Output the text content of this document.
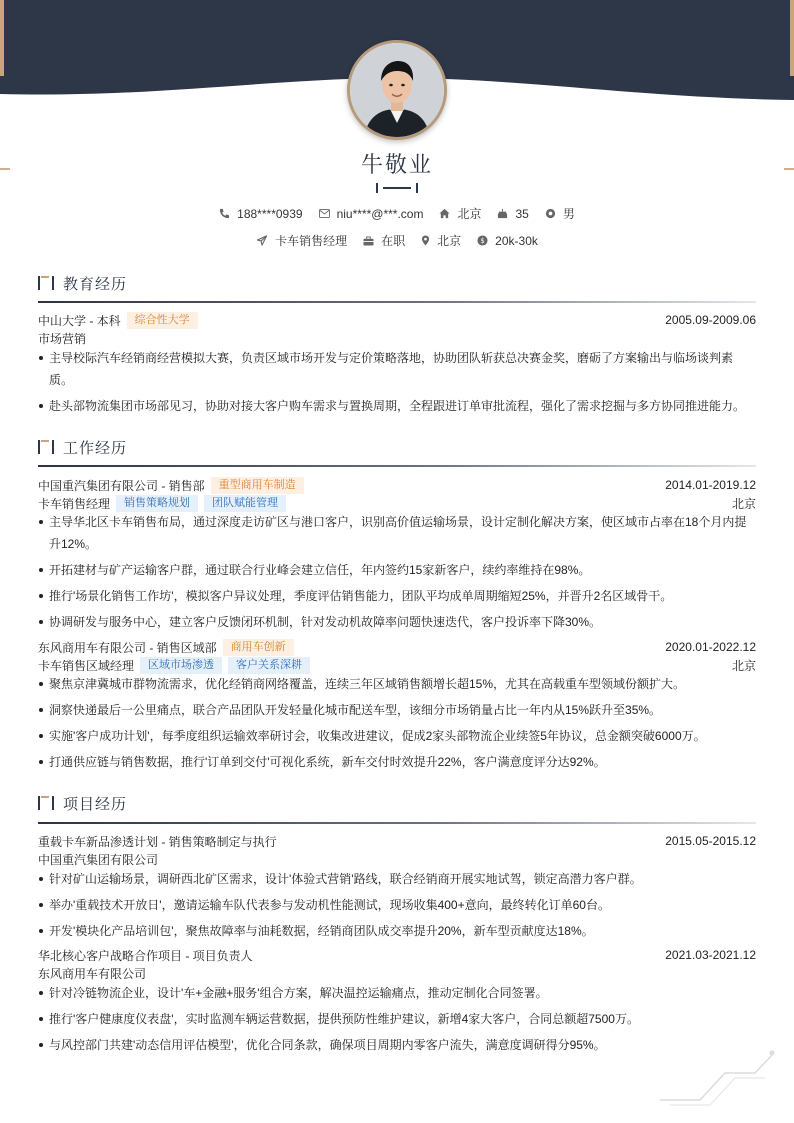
牛敬业
188****0939	niu****@***.com	北京	35	男
卡车销售经理	在职	北京	$ 20k-30k
教育经历
中山大学 - 本科	综合性大学	2005.09-2009.06
市场营销
主导校际汽车经销商经营模拟大赛，负责区域市场开发与定价策略落地，协助团队斩获总决赛金奖，磨砺了方案输出与临场谈判素质。
赴头部物流集团市场部见习，协助对接大客户购车需求与置换周期，全程跟进订单审批流程，强化了需求挖掘与多方协同推进能力。
工作经历
中国重汽集团有限公司 - 销售部	重型商用车制造	2014.01-2019.12
卡车销售经理	销售策略规划	团队赋能管理	北京
主导华北区卡车销售布局，通过深度走访矿区与港口客户，识别高价值运输场景，设计定制化解决方案，使区域市占率在18个月内提升12%。
开拓建材与矿产运输客户群，通过联合行业峰会建立信任，年内签约15家新客户，续约率维持在98%。
推行'场景化销售工作坊'，模拟客户异议处理，季度评估销售能力，团队平均成单周期缩短25%，并晋升2名区域骨干。
协调研发与服务中心，建立客户反馈闭环机制，针对发动机故障率问题快速迭代，客户投诉率下降30%。
东风商用车有限公司 - 销售区域部	商用车创新	2020.01-2022.12
卡车销售区域经理	区域市场渗透	客户关系深耕	北京
聚焦京津冀城市群物流需求，优化经销商网络覆盖，连续三年区域销售额增长超15%，尤其在高载重车型领域份额扩大。
洞察快递最后一公里痛点，联合产品团队开发轻量化城市配送车型，该细分市场销量占比一年内从15%跃升至35%。
实施'客户成功计划'，每季度组织运输效率研讨会，收集改进建议，促成2家头部物流企业续签5年协议，总金额突破6000万。
打通供应链与销售数据，推行'订单到交付'可视化系统，新车交付时效提升22%，客户满意度评分达92%。
项目经历
重载卡车新品渗透计划 - 销售策略制定与执行	2015.05-2015.12
中国重汽集团有限公司
针对矿山运输场景，调研西北矿区需求，设计'体验式营销'路线，联合经销商开展实地试驾，锁定高潜力客户群。
举办'重载技术开放日'，邀请运输车队代表参与发动机性能测试，现场收集400+意向，最终转化订单60台。
开发'模块化产品培训包'，聚焦故障率与油耗数据，经销商团队成交率提升20%，新车型贡献度达18%。
华北核心客户战略合作项目 - 项目负责人	2021.03-2021.12
东风商用车有限公司
针对冷链物流企业，设计'车+金融+服务'组合方案，解决温控运输痛点，推动定制化合同签署。
推行'客户健康度仪表盘'，实时监测车辆运营数据，提供预防性维护建议，新增4家大客户，合同总额超7500万。
与风控部门共建'动态信用评估模型'，优化合同条款，确保项目周期内零客户流失，满意度调研得分95%。
